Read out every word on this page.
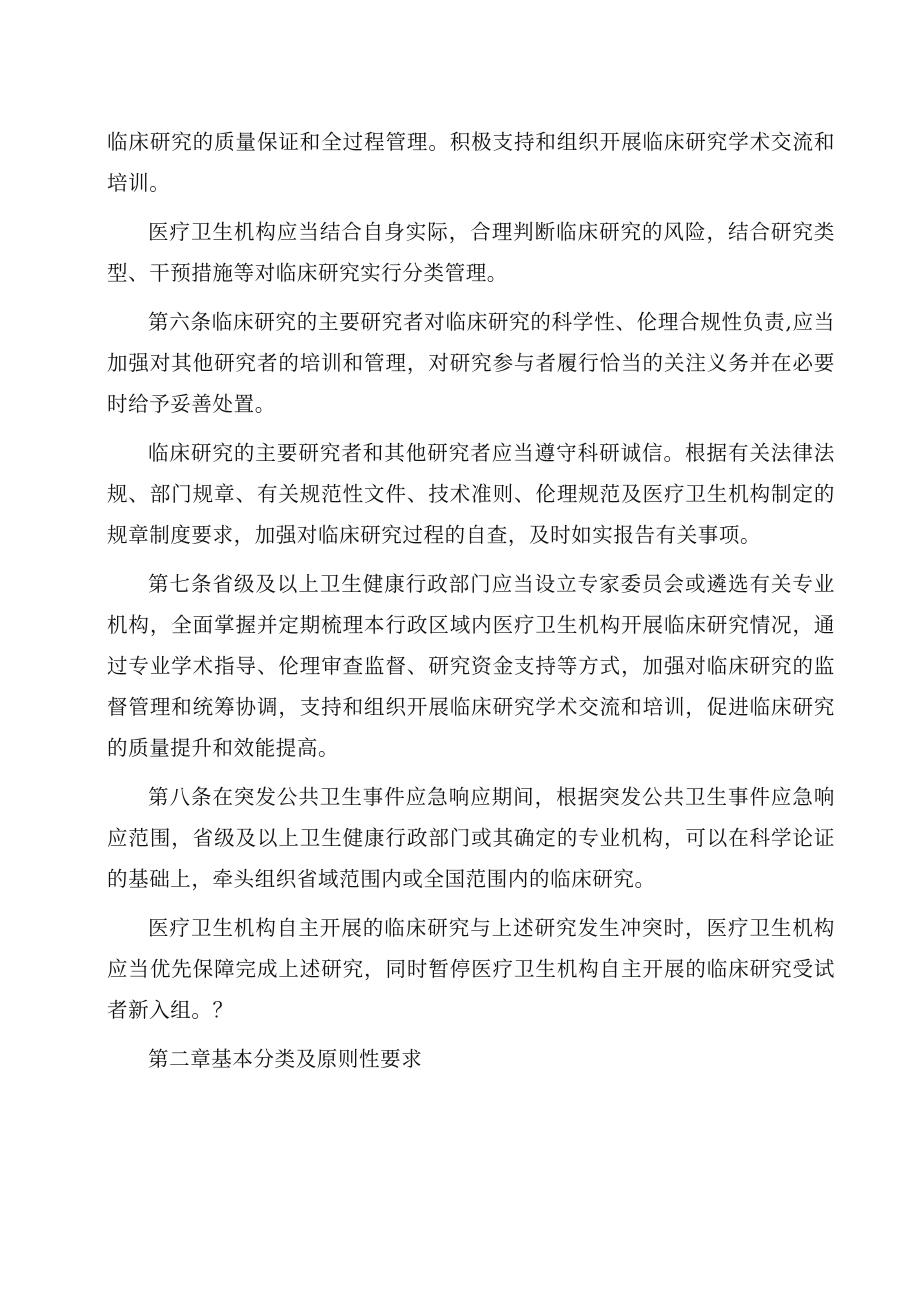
临床研究的质量保证和全过程管理。积极支持和组织开展临床研究学术交流和培训。

医疗卫生机构应当结合自身实际，合理判断临床研究的风险，结合研究类型、干预措施等对临床研究实行分类管理。

第六条临床研究的主要研究者对临床研究的科学性、伦理合规性负责,应当加强对其他研究者的培训和管理，对研究参与者履行恰当的关注义务并在必要时给予妥善处置。

临床研究的主要研究者和其他研究者应当遵守科研诚信。根据有关法律法规、部门规章、有关规范性文件、技术准则、伦理规范及医疗卫生机构制定的规章制度要求，加强对临床研究过程的自查，及时如实报告有关事项。

第七条省级及以上卫生健康行政部门应当设立专家委员会或遴选有关专业机构，全面掌握并定期梳理本行政区域内医疗卫生机构开展临床研究情况，通过专业学术指导、伦理审查监督、研究资金支持等方式，加强对临床研究的监督管理和统筹协调，支持和组织开展临床研究学术交流和培训，促进临床研究的质量提升和效能提高。

第八条在突发公共卫生事件应急响应期间，根据突发公共卫生事件应急响应范围，省级及以上卫生健康行政部门或其确定的专业机构，可以在科学论证的基础上，牵头组织省域范围内或全国范围内的临床研究。

医疗卫生机构自主开展的临床研究与上述研究发生冲突时，医疗卫生机构应当优先保障完成上述研究，同时暂停医疗卫生机构自主开展的临床研究受试者新入组。？

第二章基本分类及原则性要求
